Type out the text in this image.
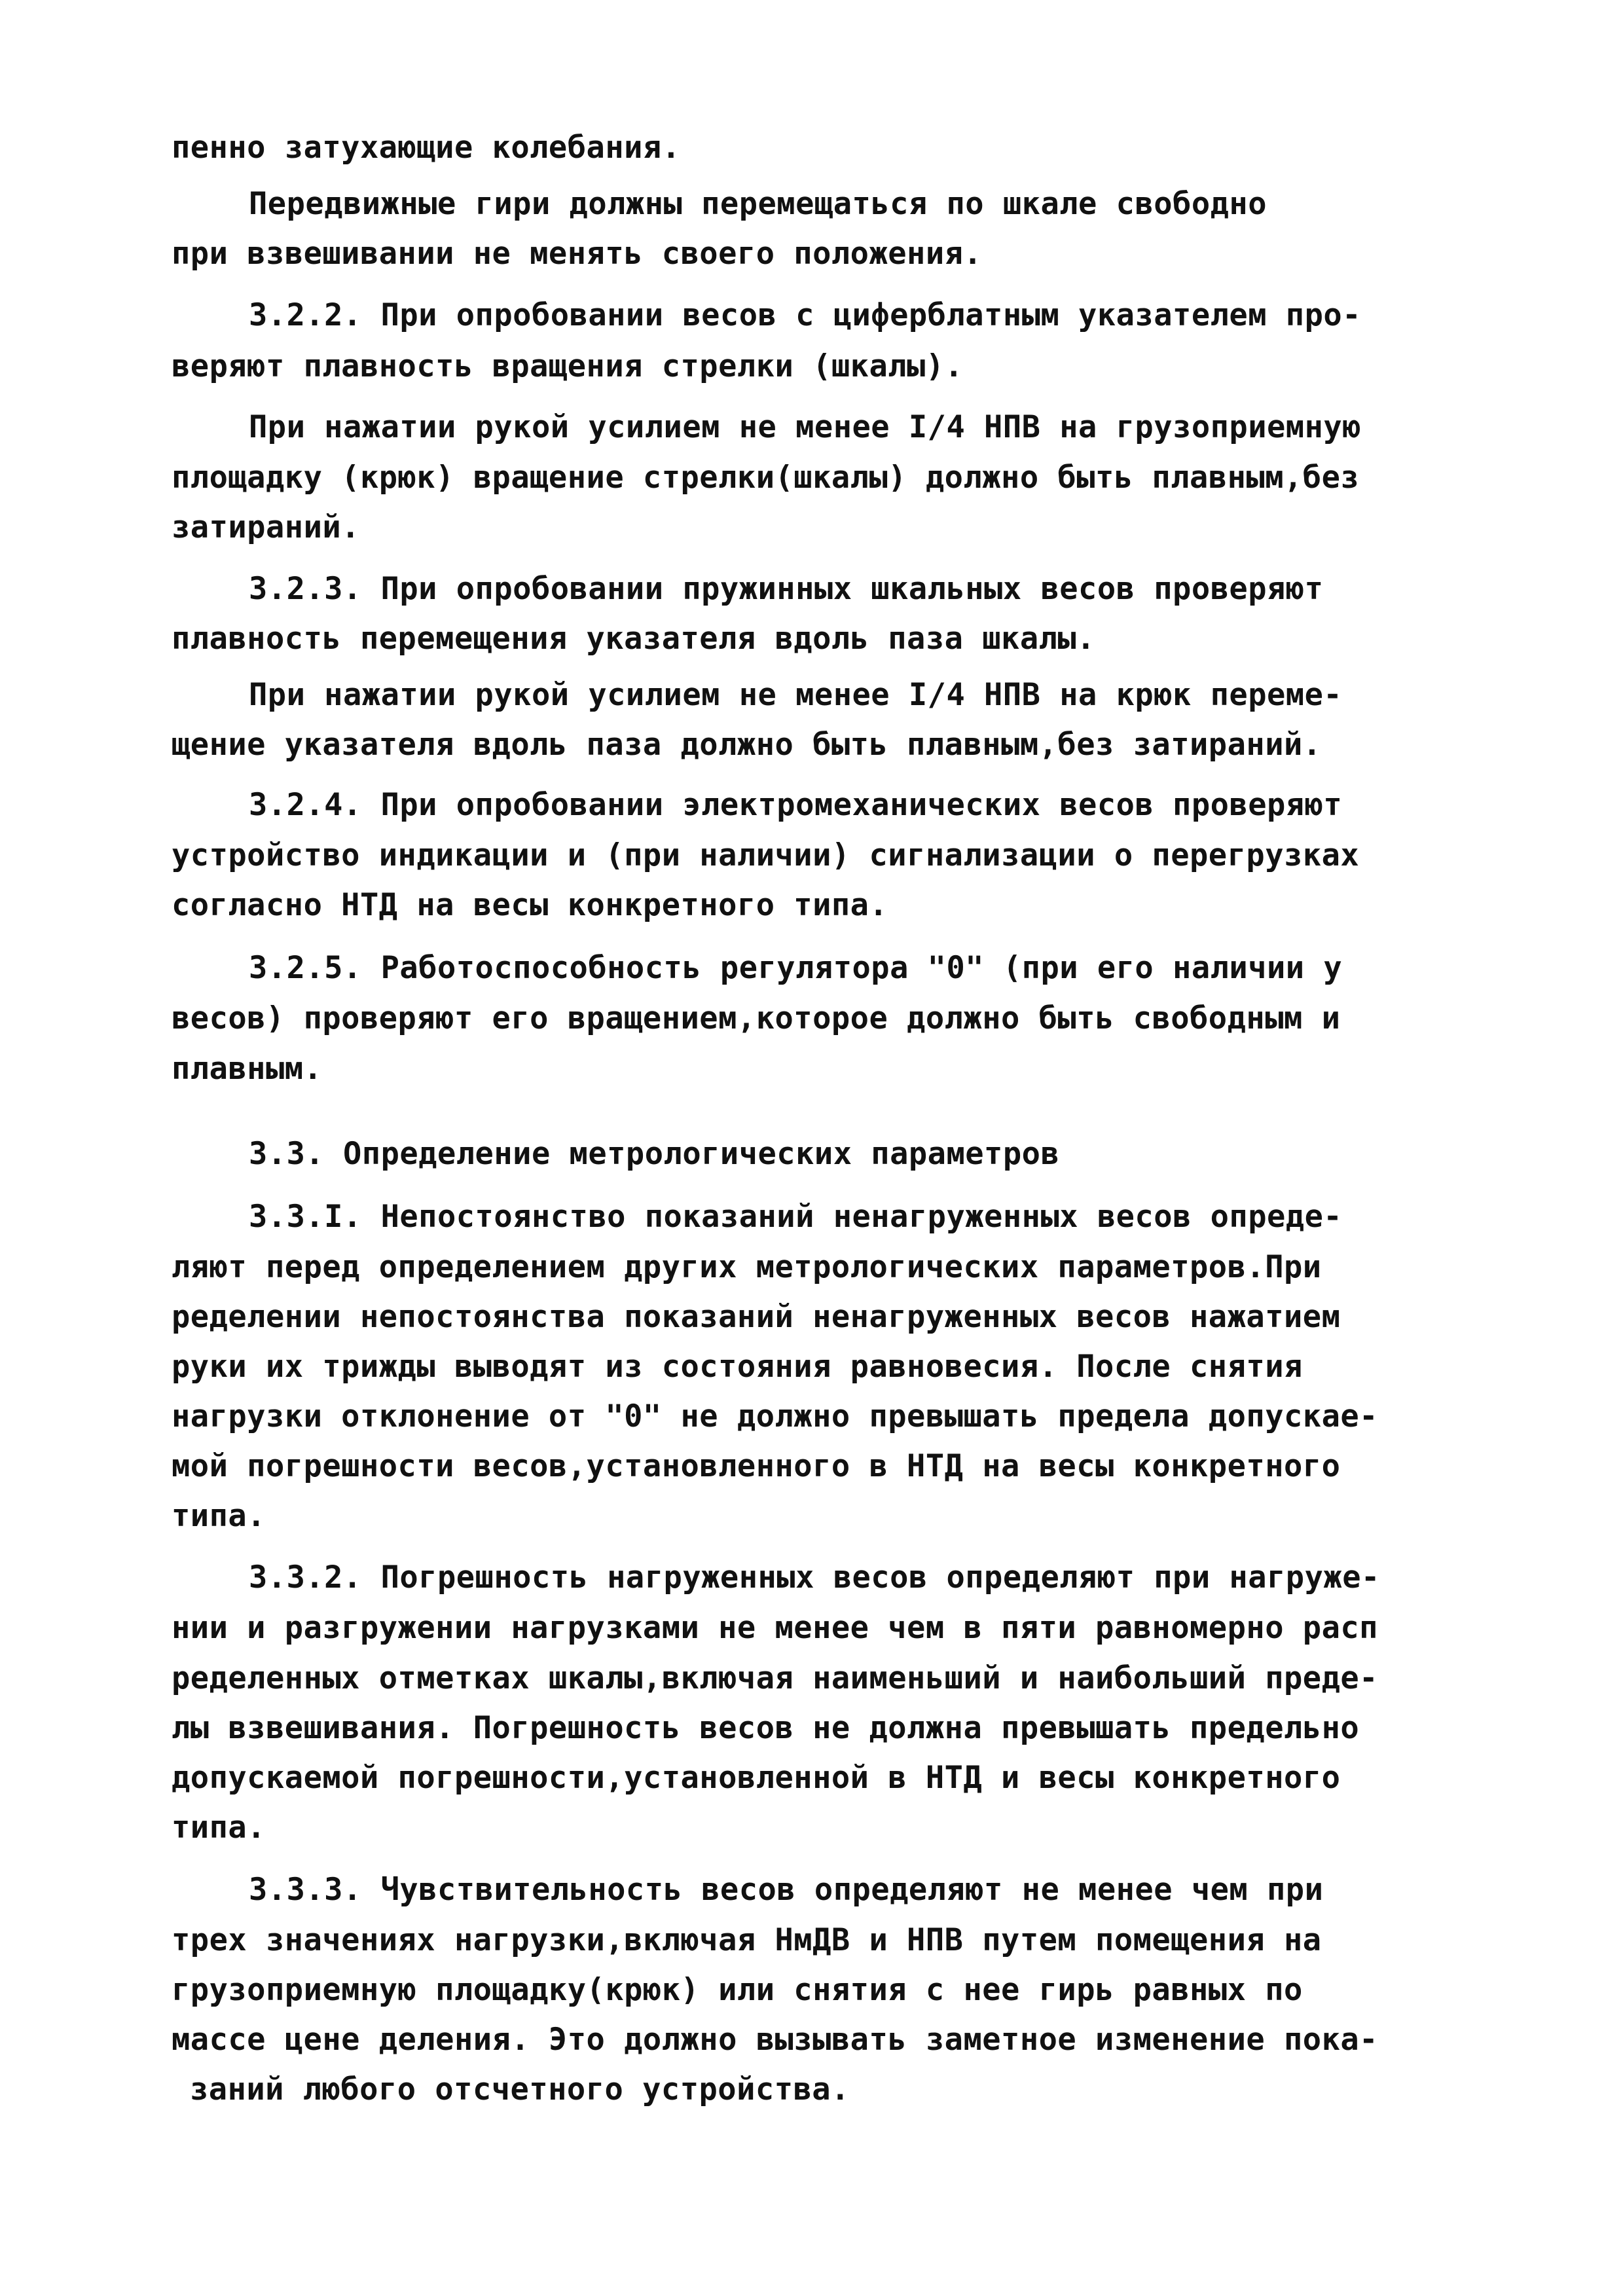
пенно затухающие колебания.
Передвижные гири должны перемещаться по шкале свободно
при взвешивании не менять своего положения.
3.2.2. При опробовании весов с циферблатным указателем про-
веряют плавность вращения стрелки (шкалы).
При нажатии рукой усилием не менее I/4 НПВ на грузоприемную
площадку (крюк) вращение стрелки(шкалы) должно быть плавным,без
затираний.
3.2.3. При опробовании пружинных шкальных весов проверяют
плавность перемещения указателя вдоль паза шкалы.
При нажатии рукой усилием не менее I/4 НПВ на крюк переме-
щение указателя вдоль паза должно быть плавным,без затираний.
3.2.4. При опробовании электромеханических весов проверяют
устройство индикации и (при наличии) сигнализации о перегрузках
согласно НТД на весы конкретного типа.
3.2.5. Работоспособность регулятора "0" (при его наличии у
весов) проверяют его вращением,которое должно быть свободным и
плавным.
3.3. Определение метрологических параметров
3.3.I. Непостоянство показаний ненагруженных весов опреде-
ляют перед определением других метрологических параметров.При
ределении непостоянства показаний ненагруженных весов нажатием
руки их трижды выводят из состояния равновесия. После снятия
нагрузки отклонение от "0" не должно превышать предела допускае-
мой погрешности весов,установленного в НТД на весы конкретного
типа.
3.3.2. Погрешность нагруженных весов определяют при нагруже-
нии и разгружении нагрузками не менее чем в пяти равномерно расп
ределенных отметках шкалы,включая наименьший и наибольший преде-
лы взвешивания. Погрешность весов не должна превышать предельно
допускаемой погрешности,установленной в НТД и весы конкретного
типа.
3.3.3. Чувствительность весов определяют не менее чем при
трех значениях нагрузки,включая НмДВ и НПВ путем помещения на
грузоприемную площадку(крюк) или снятия с нее гирь равных по
массе цене деления. Это должно вызывать заметное изменение пока-
заний любого отсчетного устройства.
